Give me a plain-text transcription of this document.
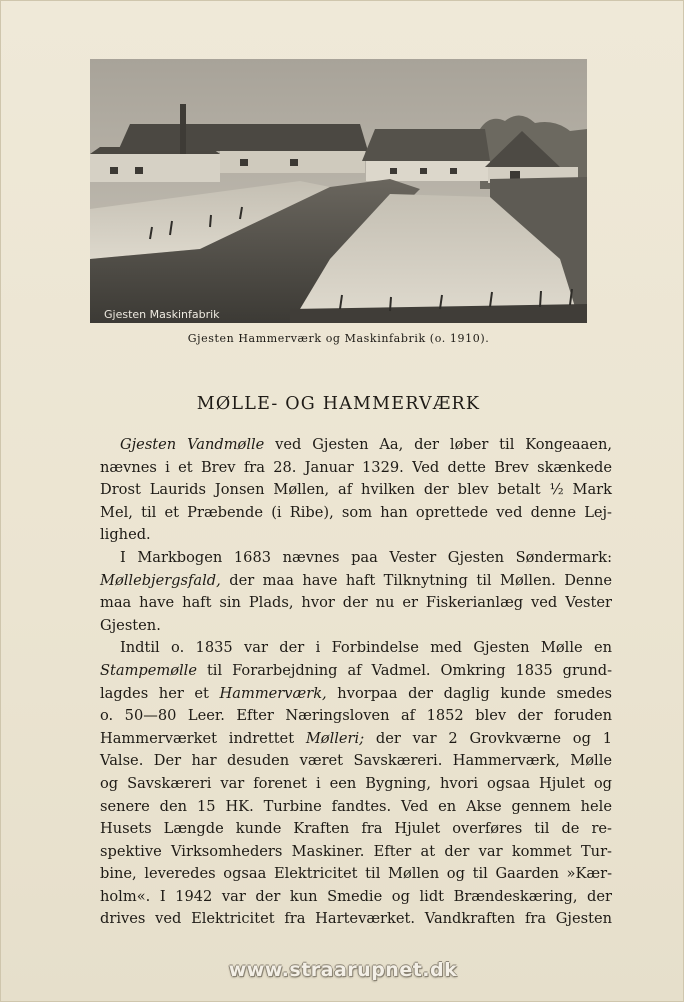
Gjesten Maskinfabrik
Gjesten Hammerværk og Maskinfabrik (o. 1910).
MØLLE- OG HAMMERVÆRK

Gjesten Vandmølle ved Gjesten Aa, der løber til Kongeaaen,
nævnes i et Brev fra 28. Januar 1329. Ved dette Brev skænkede
Drost Laurids Jonsen Møllen, af hvilken der blev betalt ½ Mark
Mel, til et Præbende (i Ribe), som han oprettede ved denne Lej-
lighed.

I Markbogen 1683 nævnes paa Vester Gjesten Søndermark:
Møllebjergsfald, der maa have haft Tilknytning til Møllen. Denne
maa have haft sin Plads, hvor der nu er Fiskerianlæg ved Vester
Gjesten.

Indtil o. 1835 var der i Forbindelse med Gjesten Mølle en
Stampemølle til Forarbejdning af Vadmel. Omkring 1835 grund-
lagdes her et Hammerværk, hvorpaa der daglig kunde smedes
o. 50—80 Leer. Efter Næringsloven af 1852 blev der foruden
Hammerværket indrettet Mølleri; der var 2 Grovkværne og 1
Valse. Der har desuden været Savskæreri. Hammerværk, Mølle
og Savskæreri var forenet i een Bygning, hvori ogsaa Hjulet og
senere den 15 HK. Turbine fandtes. Ved en Akse gennem hele
Husets Længde kunde Kraften fra Hjulet overføres til de re-
spektive Virksomheders Maskiner. Efter at der var kommet Tur-
bine, leveredes ogsaa Elektricitet til Møllen og til Gaarden »Kær-
holm«. I 1942 var der kun Smedie og lidt Brændeskæring, der
drives ved Elektricitet fra Harteværket. Vandkraften fra Gjesten

www.straarupnet.dk
